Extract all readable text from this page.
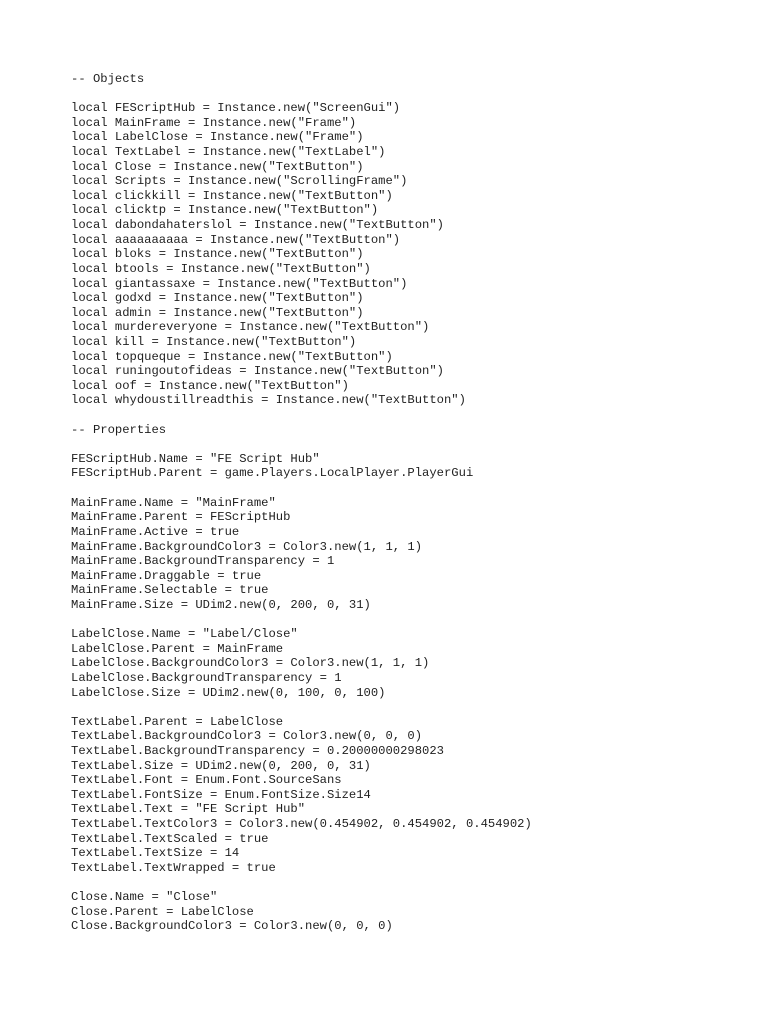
-- Objects
local FEScriptHub = Instance.new("ScreenGui")
local MainFrame = Instance.new("Frame")
local LabelClose = Instance.new("Frame")
local TextLabel = Instance.new("TextLabel")
local Close = Instance.new("TextButton")
local Scripts = Instance.new("ScrollingFrame")
local clickkill = Instance.new("TextButton")
local clicktp = Instance.new("TextButton")
local dabondahaterslol = Instance.new("TextButton")
local aaaaaaaaaa = Instance.new("TextButton")
local bloks = Instance.new("TextButton")
local btools = Instance.new("TextButton")
local giantassaxe = Instance.new("TextButton")
local godxd = Instance.new("TextButton")
local admin = Instance.new("TextButton")
local murdereveryone = Instance.new("TextButton")
local kill = Instance.new("TextButton")
local topqueque = Instance.new("TextButton")
local runingoutofideas = Instance.new("TextButton")
local oof = Instance.new("TextButton")
local whydoustillreadthis = Instance.new("TextButton")
-- Properties
FEScriptHub.Name = "FE Script Hub"
FEScriptHub.Parent = game.Players.LocalPlayer.PlayerGui
MainFrame.Name = "MainFrame"
MainFrame.Parent = FEScriptHub
MainFrame.Active = true
MainFrame.BackgroundColor3 = Color3.new(1, 1, 1)
MainFrame.BackgroundTransparency = 1
MainFrame.Draggable = true
MainFrame.Selectable = true
MainFrame.Size = UDim2.new(0, 200, 0, 31)
LabelClose.Name = "Label/Close"
LabelClose.Parent = MainFrame
LabelClose.BackgroundColor3 = Color3.new(1, 1, 1)
LabelClose.BackgroundTransparency = 1
LabelClose.Size = UDim2.new(0, 100, 0, 100)
TextLabel.Parent = LabelClose
TextLabel.BackgroundColor3 = Color3.new(0, 0, 0)
TextLabel.BackgroundTransparency = 0.20000000298023
TextLabel.Size = UDim2.new(0, 200, 0, 31)
TextLabel.Font = Enum.Font.SourceSans
TextLabel.FontSize = Enum.FontSize.Size14
TextLabel.Text = "FE Script Hub"
TextLabel.TextColor3 = Color3.new(0.454902, 0.454902, 0.454902)
TextLabel.TextScaled = true
TextLabel.TextSize = 14
TextLabel.TextWrapped = true
Close.Name = "Close"
Close.Parent = LabelClose
Close.BackgroundColor3 = Color3.new(0, 0, 0)
